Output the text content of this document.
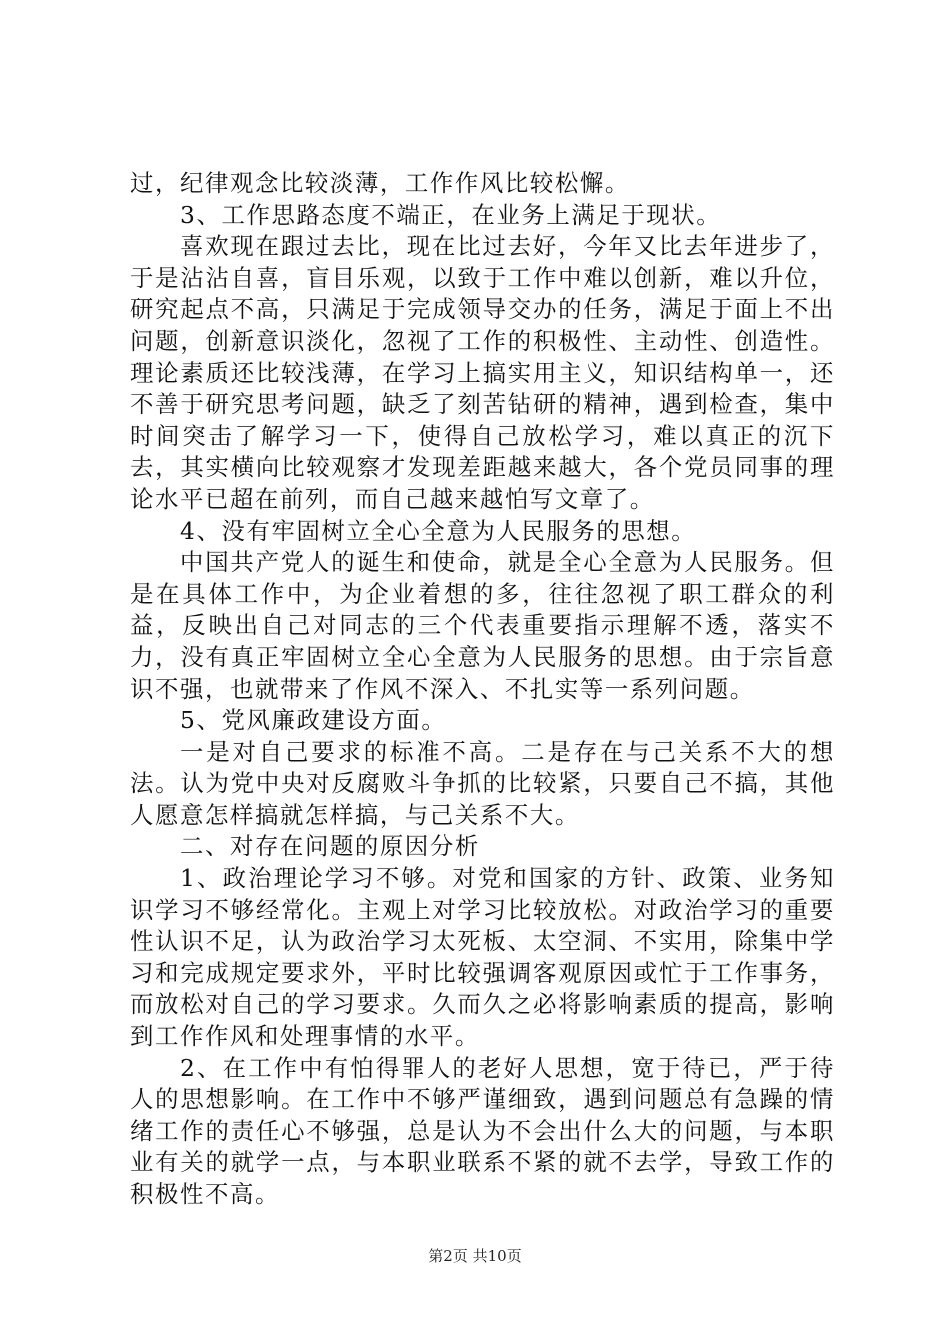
过，纪律观念比较淡薄，工作作风比较松懈。

3、工作思路态度不端正，在业务上满足于现状。

喜欢现在跟过去比，现在比过去好，今年又比去年进步了，于是沾沾自喜，盲目乐观，以致于工作中难以创新，难以升位，研究起点不高，只满足于完成领导交办的任务，满足于面上不出问题，创新意识淡化，忽视了工作的积极性、主动性、创造性。理论素质还比较浅薄，在学习上搞实用主义，知识结构单一，还不善于研究思考问题，缺乏了刻苦钻研的精神，遇到检查，集中时间突击了解学习一下，使得自己放松学习，难以真正的沉下去，其实横向比较观察才发现差距越来越大，各个党员同事的理论水平已超在前列，而自己越来越怕写文章了。

4、没有牢固树立全心全意为人民服务的思想。

中国共产党人的诞生和使命，就是全心全意为人民服务。但是在具体工作中，为企业着想的多，往往忽视了职工群众的利益，反映出自己对同志的三个代表重要指示理解不透，落实不力，没有真正牢固树立全心全意为人民服务的思想。由于宗旨意识不强，也就带来了作风不深入、不扎实等一系列问题。

5、党风廉政建设方面。

一是对自己要求的标准不高。二是存在与己关系不大的想法。认为党中央对反腐败斗争抓的比较紧，只要自己不搞，其他人愿意怎样搞就怎样搞，与己关系不大。

二、对存在问题的原因分析

1、政治理论学习不够。对党和国家的方针、政策、业务知识学习不够经常化。主观上对学习比较放松。对政治学习的重要性认识不足，认为政治学习太死板、太空洞、不实用，除集中学习和完成规定要求外，平时比较强调客观原因或忙于工作事务，而放松对自己的学习要求。久而久之必将影响素质的提高，影响到工作作风和处理事情的水平。

2、在工作中有怕得罪人的老好人思想，宽于待已，严于待人的思想影响。在工作中不够严谨细致，遇到问题总有急躁的情绪工作的责任心不够强，总是认为不会出什么大的问题，与本职业有关的就学一点，与本职业联系不紧的就不去学，导致工作的积极性不高。

第2页 共10页
